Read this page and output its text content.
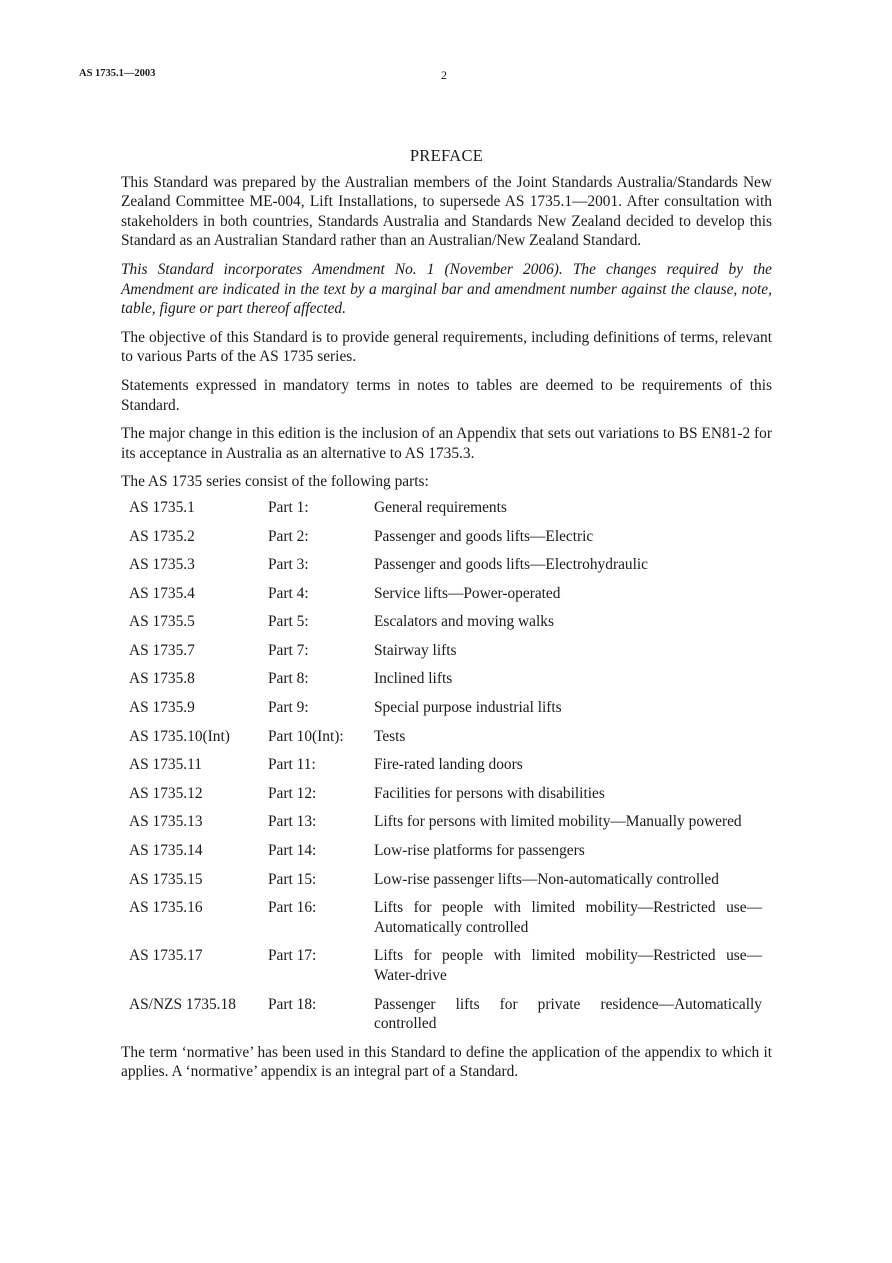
AS 1735.1—2003	2
PREFACE

This Standard was prepared by the Australian members of the Joint Standards Australia/Standards New Zealand Committee ME-004, Lift Installations, to supersede AS 1735.1—2001. After consultation with stakeholders in both countries, Standards Australia and Standards New Zealand decided to develop this Standard as an Australian Standard rather than an Australian/New Zealand Standard.

This Standard incorporates Amendment No. 1 (November 2006). The changes required by the Amendment are indicated in the text by a marginal bar and amendment number against the clause, note, table, figure or part thereof affected.

The objective of this Standard is to provide general requirements, including definitions of terms, relevant to various Parts of the AS 1735 series.

Statements expressed in mandatory terms in notes to tables are deemed to be requirements of this Standard.

The major change in this edition is the inclusion of an Appendix that sets out variations to BS EN81-2 for its acceptance in Australia as an alternative to AS 1735.3.

The AS 1735 series consist of the following parts:

AS 1735.1	Part 1:	General requirements
AS 1735.2	Part 2:	Passenger and goods lifts—Electric
AS 1735.3	Part 3:	Passenger and goods lifts—Electrohydraulic
AS 1735.4	Part 4:	Service lifts—Power-operated
AS 1735.5	Part 5:	Escalators and moving walks
AS 1735.7	Part 7:	Stairway lifts
AS 1735.8	Part 8:	Inclined lifts
AS 1735.9	Part 9:	Special purpose industrial lifts
AS 1735.10(Int)	Part 10(Int):	Tests
AS 1735.11	Part 11:	Fire-rated landing doors
AS 1735.12	Part 12:	Facilities for persons with disabilities
AS 1735.13	Part 13:	Lifts for persons with limited mobility—Manually powered
AS 1735.14	Part 14:	Low-rise platforms for passengers
AS 1735.15	Part 15:	Low-rise passenger lifts—Non-automatically controlled
AS 1735.16	Part 16:	Lifts for people with limited mobility—Restricted use—Automatically controlled
AS 1735.17	Part 17:	Lifts for people with limited mobility—Restricted use—Water-drive
AS/NZS 1735.18	Part 18:	Passenger lifts for private residence—Automatically controlled

The term ‘normative’ has been used in this Standard to define the application of the appendix to which it applies. A ‘normative’ appendix is an integral part of a Standard.
